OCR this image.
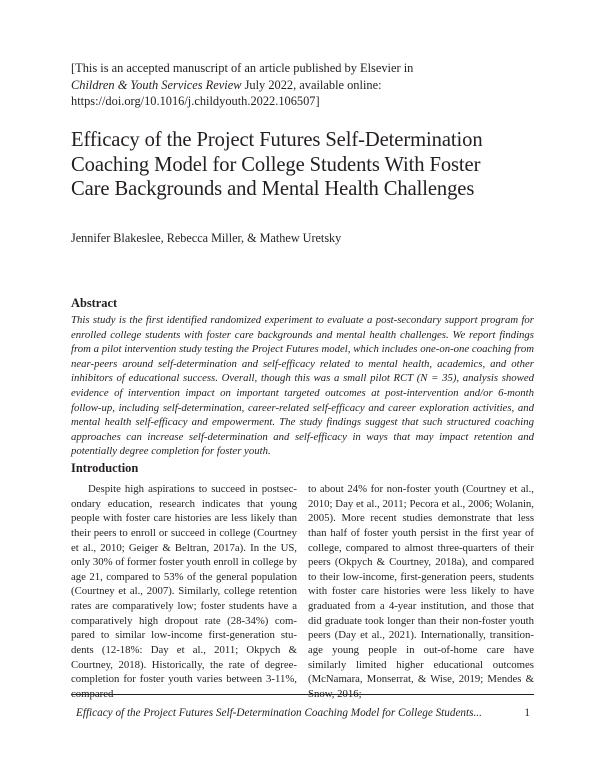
[This is an accepted manuscript of an article published by Elsevier in
Children & Youth Services Review July 2022, available online:
https://doi.org/10.1016/j.childyouth.2022.106507]
Efficacy of the Project Futures Self-Determination
Coaching Model for College Students With Foster
Care Backgrounds and Mental Health Challenges
Jennifer Blakeslee, Rebecca Miller, & Mathew Uretsky
Abstract

This study is the first identified randomized experiment to evaluate a post-secondary support program for enrolled college students with foster care backgrounds and mental health challenges. We report findings from a pilot intervention study testing the Project Futures model, which includes one-on-one coaching from near-peers around self-determination and self-efficacy related to mental health, academics, and other inhibitors of educational success. Overall, though this was a small pilot RCT (N = 35), analysis showed evidence of intervention impact on important targeted outcomes at post-intervention and/or 6-month follow-up, including self-determination, career-related self-efficacy and career exploration activities, and mental health self-efficacy and empowerment. The study findings suggest that such structured coaching approaches can increase self-determination and self-efficacy in ways that may impact retention and potentially degree completion for foster youth.

Introduction

Despite high aspirations to succeed in postsecondary education, research indicates that young people with foster care histories are less likely than their peers to enroll or succeed in college (Courtney et al., 2010; Geiger & Beltran, 2017a). In the US, only 30% of former foster youth enroll in college by age 21, compared to 53% of the general population (Courtney et al., 2007). Similarly, college retention rates are comparatively low; foster students have a comparatively high dropout rate (28-34%) compared to similar low-income first-generation students (12-18%: Day et al., 2011; Okpych & Courtney, 2018). Historically, the rate of degree-completion for foster youth varies between 3-11%, compared

to about 24% for non-foster youth (Courtney et al., 2010; Day et al., 2011; Pecora et al., 2006; Wolanin, 2005). More recent studies demonstrate that less than half of foster youth persist in the first year of college, compared to almost three-quarters of their peers (Okpych & Courtney, 2018a), and compared to their low-income, first-generation peers, students with foster care histories were less likely to have graduated from a 4-year institution, and those that did graduate took longer than their non-foster youth peers (Day et al., 2021). Internationally, transitionage young people in out-of-home care have similarly limited higher educational outcomes (McNamara, Monserrat, & Wise, 2019; Mendes & Snow, 2016;

Efficacy of the Project Futures Self-Determination Coaching Model for College Students...	1
